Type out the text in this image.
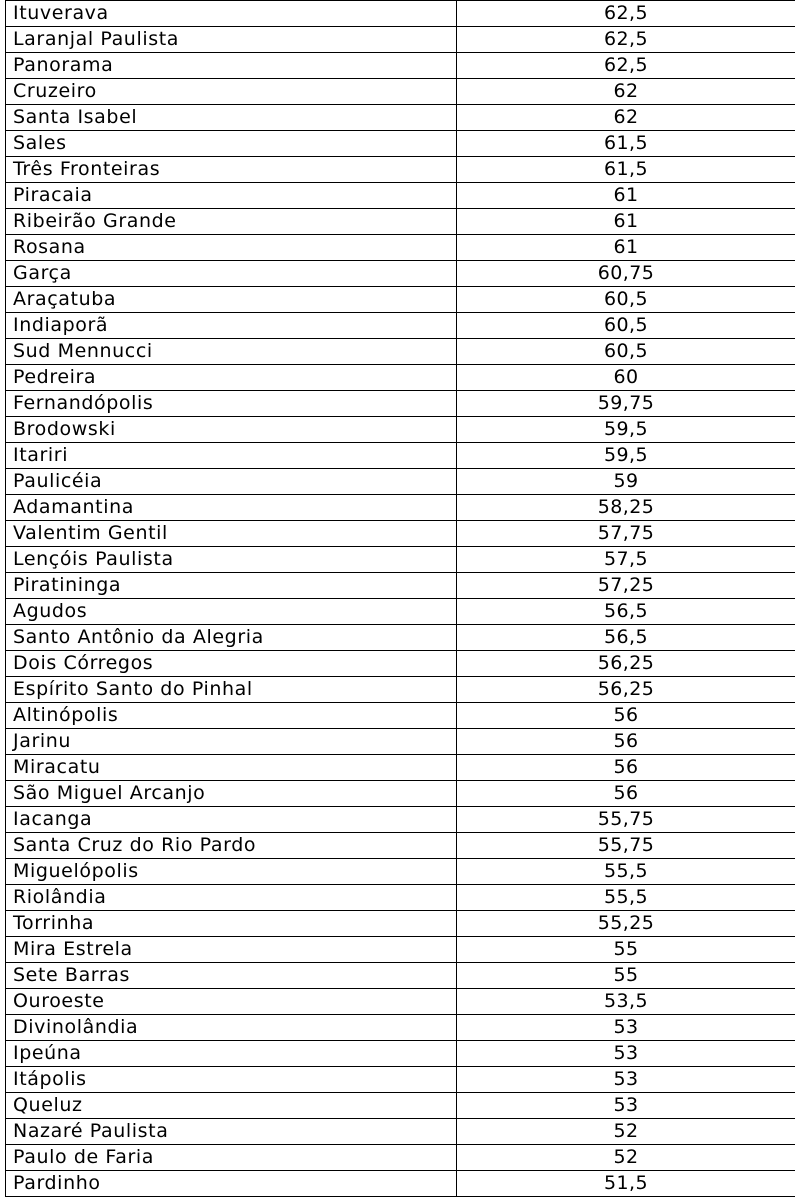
Ituverava	62,5
Laranjal Paulista	62,5
Panorama	62,5
Cruzeiro	62
Santa Isabel	62
Sales	61,5
Três Fronteiras	61,5
Piracaia	61
Ribeirão Grande	61
Rosana	61
Garça	60,75
Araçatuba	60,5
Indiaporã	60,5
Sud Mennucci	60,5
Pedreira	60
Fernandópolis	59,75
Brodowski	59,5
Itariri	59,5
Paulicéia	59
Adamantina	58,25
Valentim Gentil	57,75
Lençóis Paulista	57,5
Piratininga	57,25
Agudos	56,5
Santo Antônio da Alegria	56,5
Dois Córregos	56,25
Espírito Santo do Pinhal	56,25
Altinópolis	56
Jarinu	56
Miracatu	56
São Miguel Arcanjo	56
Iacanga	55,75
Santa Cruz do Rio Pardo	55,75
Miguelópolis	55,5
Riolândia	55,5
Torrinha	55,25
Mira Estrela	55
Sete Barras	55
Ouroeste	53,5
Divinolândia	53
Ipeúna	53
Itápolis	53
Queluz	53
Nazaré Paulista	52
Paulo de Faria	52
Pardinho	51,5
